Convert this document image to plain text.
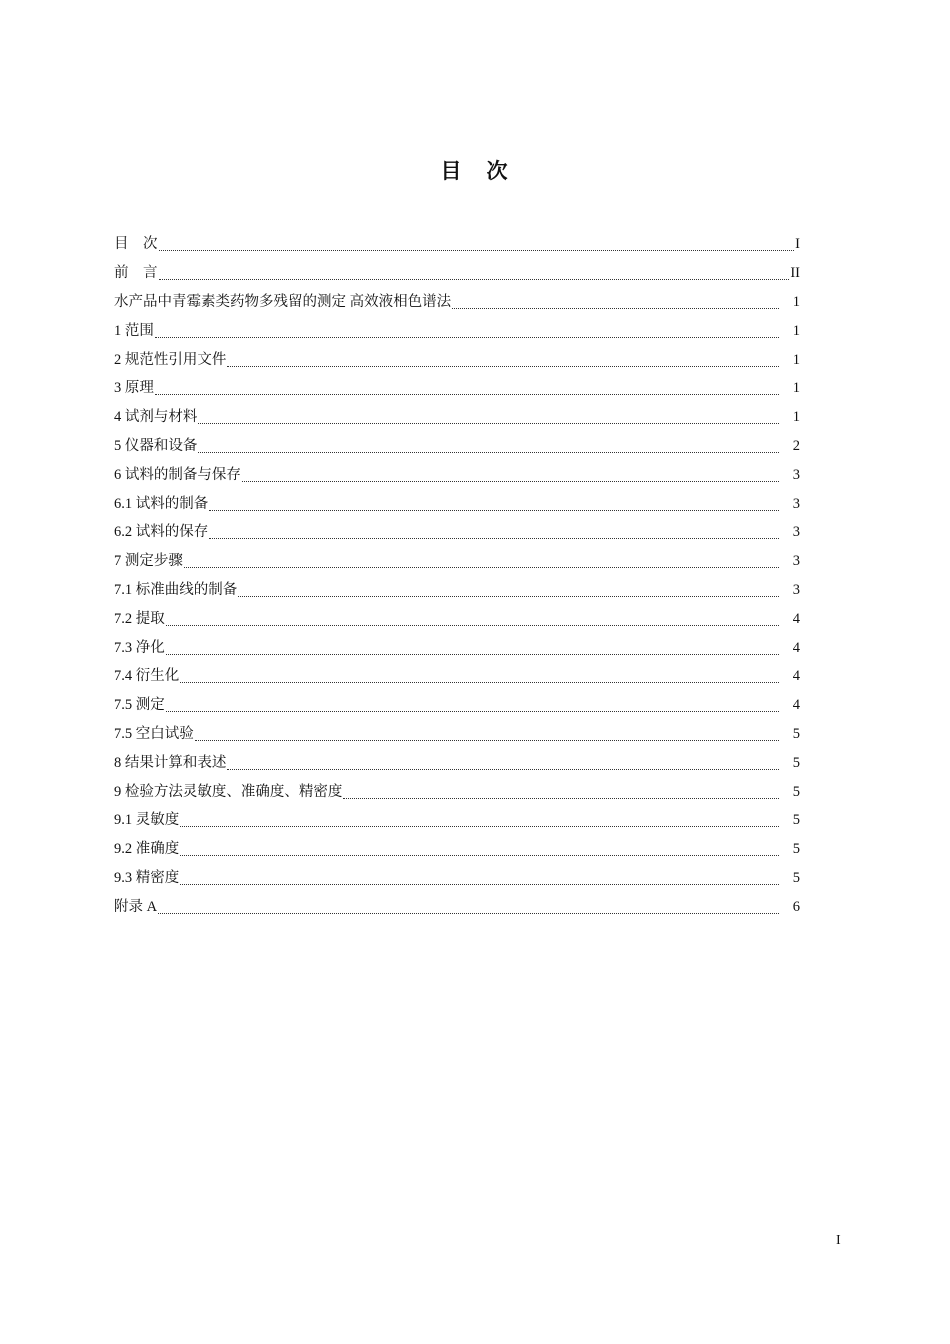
目　次
目　次	I
前　言	II
水产品中青霉素类药物多残留的测定 高效液相色谱法	1
1 范围	1
2 规范性引用文件	1
3 原理	1
4 试剂与材料	1
5 仪器和设备	2
6 试料的制备与保存	3
6.1 试料的制备	3
6.2 试料的保存	3
7 测定步骤	3
7.1 标准曲线的制备	3
7.2 提取	4
7.3 净化	4
7.4 衍生化	4
7.5 测定	4
7.5 空白试验	5
8 结果计算和表述	5
9 检验方法灵敏度、准确度、精密度	5
9.1 灵敏度	5
9.2 准确度	5
9.3 精密度	5
附录 A	6
I
